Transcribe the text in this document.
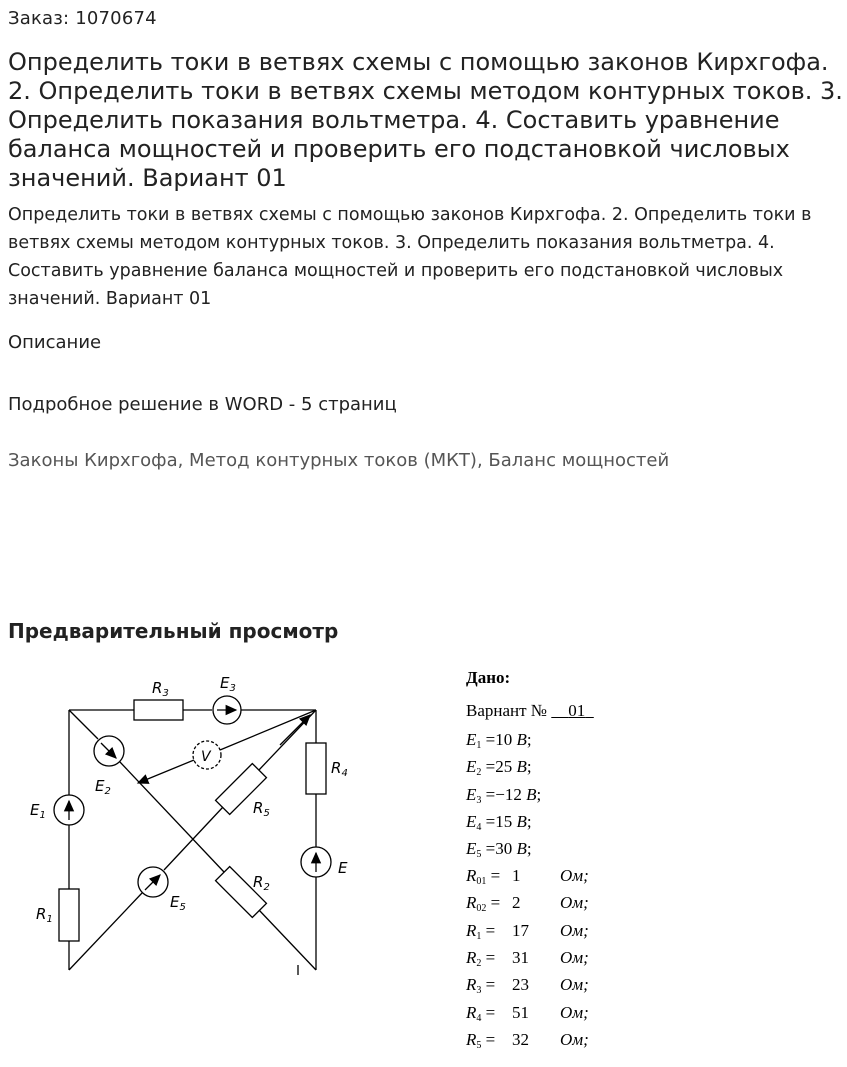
Заказ: 1070674
Определить токи в ветвях схемы с помощью законов Кирхгофа. 2. Определить токи в ветвях схемы методом контурных токов. 3. Определить показания вольтметра. 4. Составить уравнение баланса мощностей и проверить его подстановкой числовых значений. Вариант 01

Определить токи в ветвях схемы с помощью законов Кирхгофа. 2. Определить токи в ветвях схемы методом контурных токов. 3. Определить показания вольтметра. 4. Составить уравнение баланса мощностей и проверить его подстановкой числовых значений. Вариант 01

Описание
Подробное решение в WORD - 5 страниц
Законы Кирхгофа, Метод контурных токов (МКТ), Баланс мощностей
Предварительный просмотр
$R_3$
$E_3$
$R_4$
$E_1$
$E_2$
$R_5$
$R_2$
E
$E_5$
$R_1$
V
Дано:
Варнант № 01
$E_1 =10$ В;
$E_2 =25$ В;
$E_3 =-12$ В;
$E_4 =15$ В;
$E_5 =30$ В;
$R_{01} = 1$ Ом;
$R_{02} = 2$ Ом;
$R_1 = 17$ Ом;
$R_2 = 31$ Ом;
$R_3 = 23$ Ом;
$R_4 = 51$ Ом;
$R_5 = 32$ Ом;
